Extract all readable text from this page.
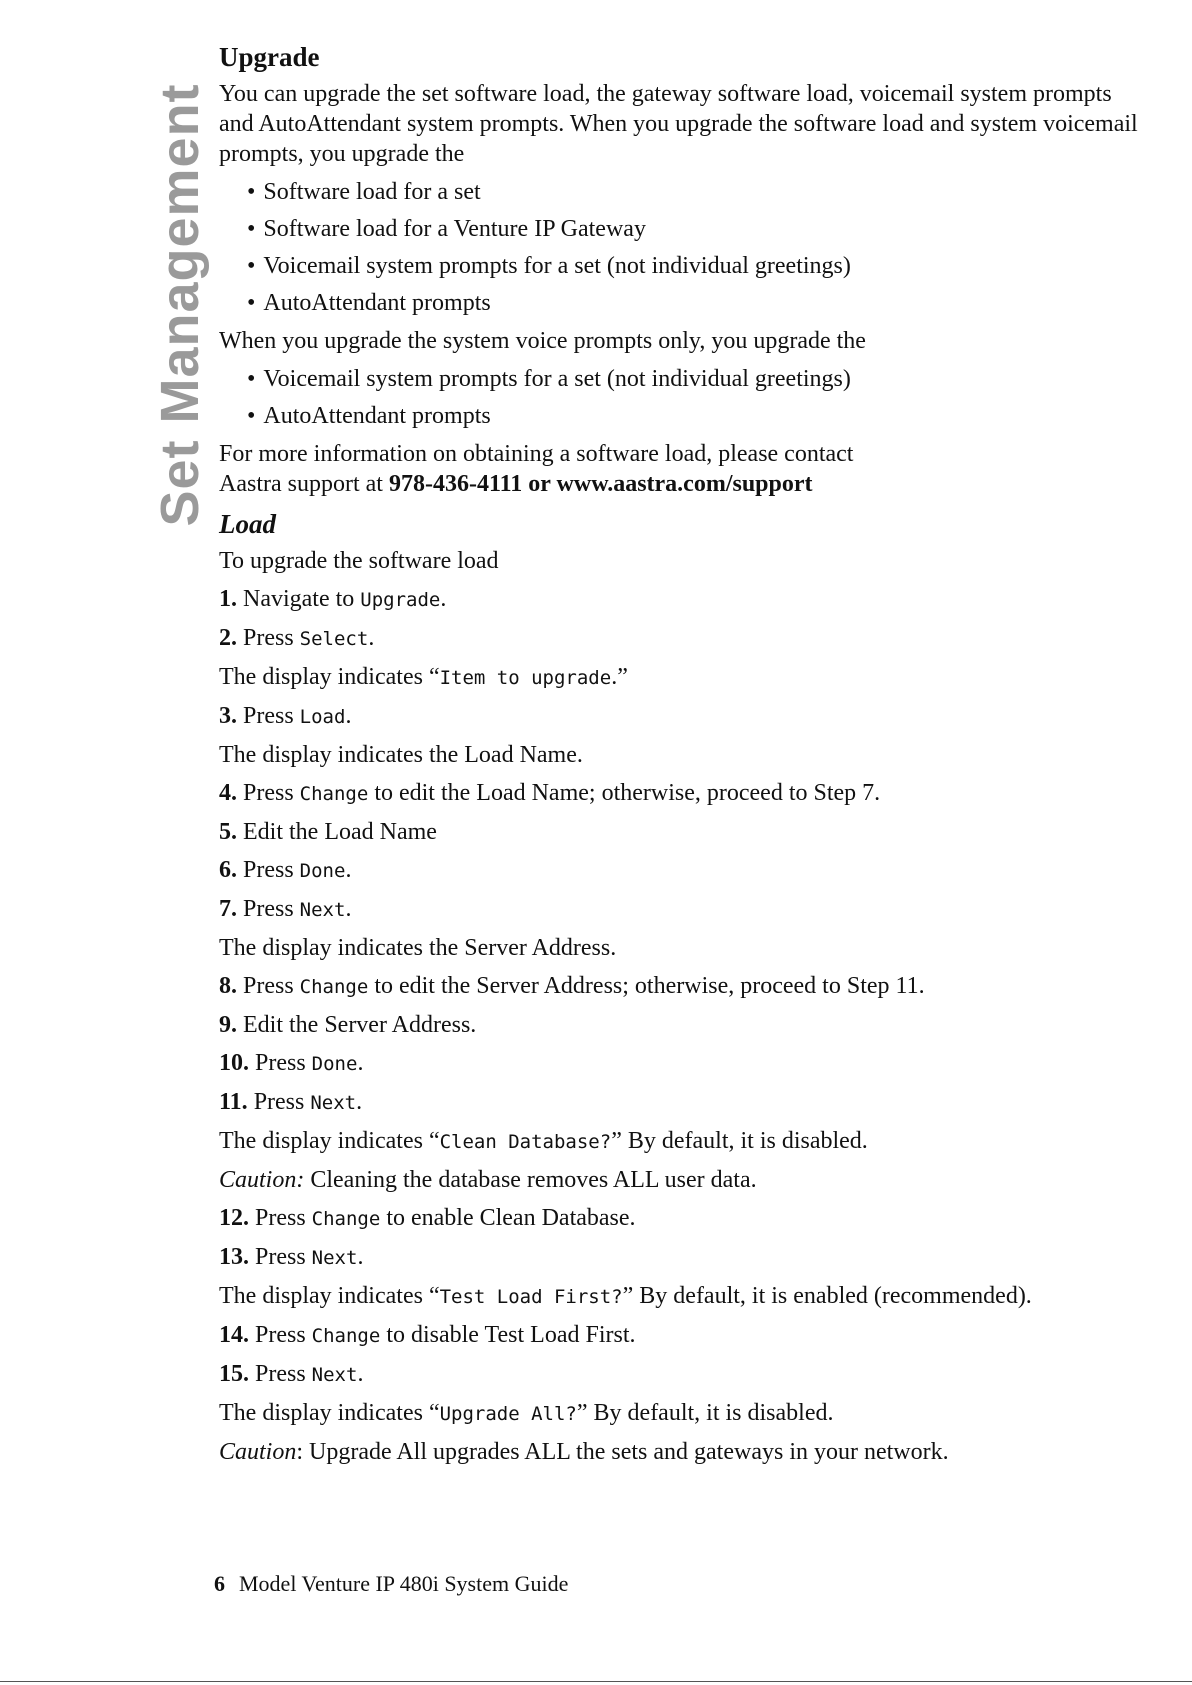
Set Management
Upgrade

You can upgrade the set software load, the gateway software load, voicemail system prompts and AutoAttendant system prompts. When you upgrade the software load and system voicemail prompts, you upgrade the

• Software load for a set
• Software load for a Venture IP Gateway
• Voicemail system prompts for a set (not individual greetings)
• AutoAttendant prompts

When you upgrade the system voice prompts only, you upgrade the

• Voicemail system prompts for a set (not individual greetings)
• AutoAttendant prompts

For more information on obtaining a software load, please contact

Aastra support at 978-436-4111 or www.aastra.com/support

Load

To upgrade the software load

1. Navigate to Upgrade.

2. Press Select.

The display indicates “Item to upgrade.”

3. Press Load.

The display indicates the Load Name.

4. Press Change to edit the Load Name; otherwise, proceed to Step 7.

5. Edit the Load Name

6. Press Done.

7. Press Next.

The display indicates the Server Address.

8. Press Change to edit the Server Address; otherwise, proceed to Step 11.

9. Edit the Server Address.

10. Press Done.

11. Press Next.

The display indicates “Clean Database?” By default, it is disabled.

Caution: Cleaning the database removes ALL user data.

12. Press Change to enable Clean Database.

13. Press Next.

The display indicates “Test Load First?” By default, it is enabled (recommended).

14. Press Change to disable Test Load First.

15. Press Next.

The display indicates “Upgrade All?” By default, it is disabled.

Caution: Upgrade All upgrades ALL the sets and gateways in your network.

6 Model Venture IP 480i System Guide
